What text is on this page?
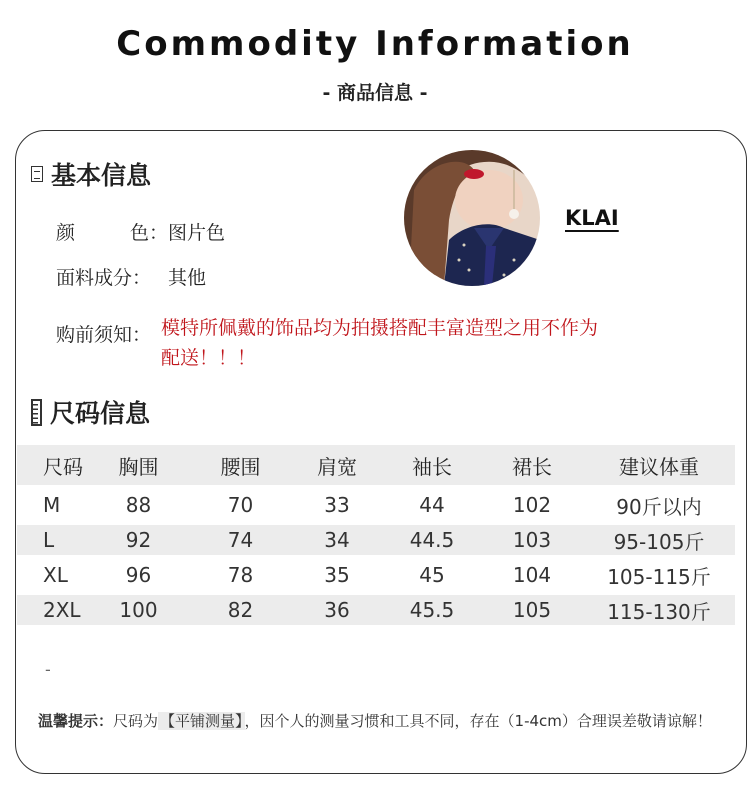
Commodity Information
- 商品信息 -
基本信息
颜	色： 图片色
面料成分： 其他
购前须知： 模特所佩戴的饰品均为拍摄搭配丰富造型之用不作为配送！！！
KLAI
尺码信息
尺码	胸围	腰围	肩宽	袖长	裙长	建议体重
M	88	70	33	44	102	90斤以内
L	92	74	34	44.5	103	95-105斤
XL	96	78	35	45	104	105-115斤
2XL	100	82	36	45.5	105	115-130斤
-
温馨提示：尺码为 【平铺测量】 ，因个人的测量习惯和工具不同，存在（1-4cm）合理误差敬请谅解！
